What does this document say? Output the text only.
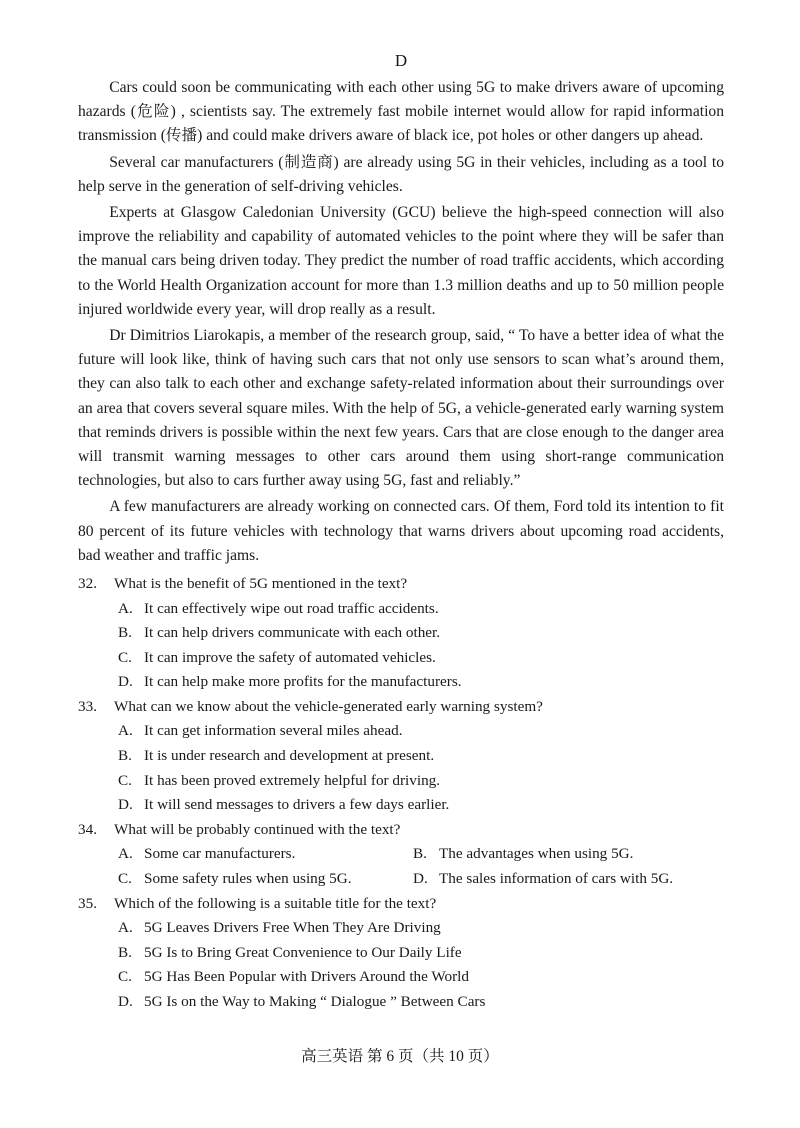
D

Cars could soon be communicating with each other using 5G to make drivers aware of upcoming hazards (危险) , scientists say. The extremely fast mobile internet would allow for rapid information transmission (传播) and could make drivers aware of black ice, pot holes or other dangers up ahead.

Several car manufacturers (制造商) are already using 5G in their vehicles, including as a tool to help serve in the generation of self-driving vehicles.

Experts at Glasgow Caledonian University (GCU) believe the high-speed connection will also improve the reliability and capability of automated vehicles to the point where they will be safer than the manual cars being driven today. They predict the number of road traffic accidents, which according to the World Health Organization account for more than 1.3 million deaths and up to 50 million people injured worldwide every year, will drop really as a result.

Dr Dimitrios Liarokapis, a member of the research group, said, “ To have a better idea of what the future will look like, think of having such cars that not only use sensors to scan what’s around them, they can also talk to each other and exchange safety-related information about their surroundings over an area that covers several square miles. With the help of 5G, a vehicle-generated early warning system that reminds drivers is possible within the next few years. Cars that are close enough to the danger area will transmit warning messages to other cars around them using short-range communication technologies, but also to cars further away using 5G, fast and reliably.”

A few manufacturers are already working on connected cars. Of them, Ford told its intention to fit 80 percent of its future vehicles with technology that warns drivers about upcoming road accidents, bad weather and traffic jams.

32. What is the benefit of 5G mentioned in the text?

A. It can effectively wipe out road traffic accidents.
B. It can help drivers communicate with each other.
C. It can improve the safety of automated vehicles.
D. It can help make more profits for the manufacturers.

33. What can we know about the vehicle-generated early warning system?

A. It can get information several miles ahead.
B. It is under research and development at present.
C. It has been proved extremely helpful for driving.
D. It will send messages to drivers a few days earlier.

34. What will be probably continued with the text?

A. Some car manufacturers.	B. The advantages when using 5G.
C. Some safety rules when using 5G.	D. The sales information of cars with 5G.

35. Which of the following is a suitable title for the text?

A. 5G Leaves Drivers Free When They Are Driving
B. 5G Is to Bring Great Convenience to Our Daily Life
C. 5G Has Been Popular with Drivers Around the World
D. 5G Is on the Way to Making “ Dialogue ” Between Cars
高三英语 第 6 页（共 10 页）
